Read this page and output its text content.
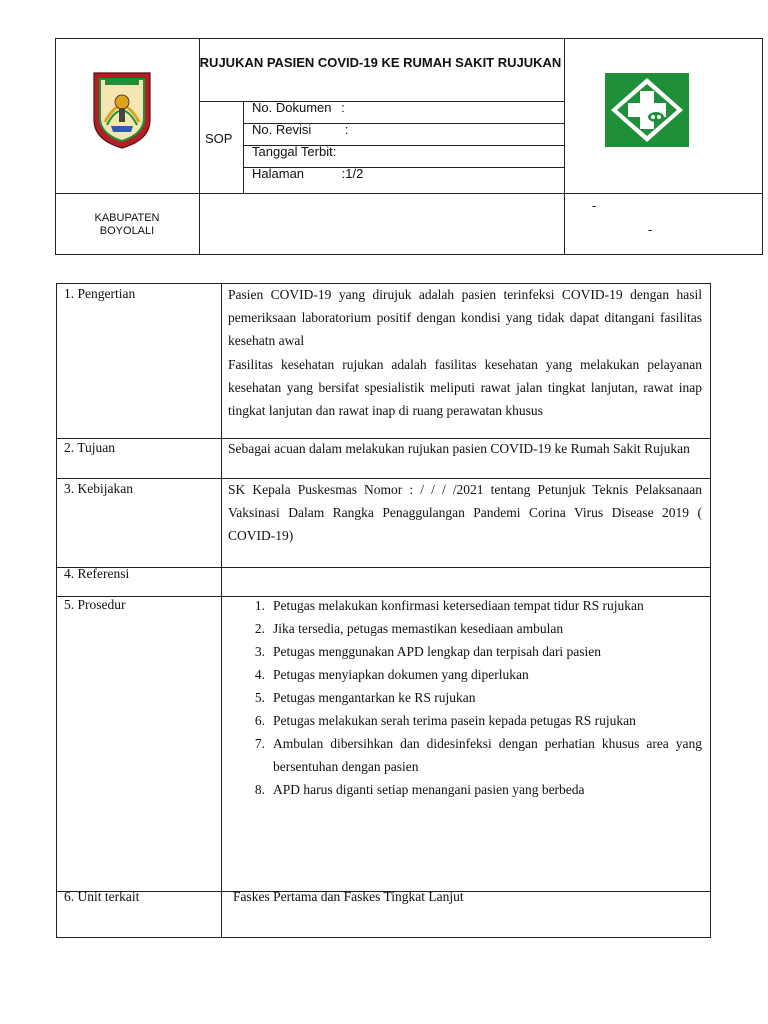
RUJUKAN PASIEN COVID-19 KE RUMAH SAKIT RUJUKAN
SOP
No. Dokumen :
No. Revisi	:
Tanggal Terbit:
Halaman	:1/2
KABUPATEN
BOYOLALI
-
-
1. Pengertian	Pasien COVID-19 yang dirujuk adalah pasien terinfeksi COVID-19 dengan hasil pemeriksaan laboratorium positif dengan kondisi yang tidak dapat ditangani fasilitas kesehatn awal
Fasilitas kesehatan rujukan adalah fasilitas kesehatan yang melakukan pelayanan kesehatan yang bersifat spesialistik meliputi rawat jalan tingkat lanjutan, rawat inap tingkat lanjutan dan rawat inap di ruang perawatan khusus
2. Tujuan	Sebagai acuan dalam melakukan rujukan pasien COVID-19 ke Rumah Sakit Rujukan
3. Kebijakan	SK Kepala Puskesmas Nomor : / / / /2021 tentang Petunjuk Teknis Pelaksanaan Vaksinasi Dalam Rangka Penaggulangan Pandemi Corina Virus Disease 2019 ( COVID-19)
4. Referensi
5. Prosedur	1. Petugas melakukan konfirmasi ketersediaan tempat tidur RS rujukan
2. Jika tersedia, petugas memastikan kesediaan ambulan
3. Petugas menggunakan APD lengkap dan terpisah dari pasien
4. Petugas menyiapkan dokumen yang diperlukan
5. Petugas mengantarkan ke RS rujukan
6. Petugas melakukan serah terima pasein kepada petugas RS rujukan
7. Ambulan dibersihkan dan didesinfeksi dengan perhatian khusus area yang bersentuhan dengan pasien
8. APD harus diganti setiap menangani pasien yang berbeda
6. Unit terkait	Faskes Pertama dan Faskes Tingkat Lanjut
